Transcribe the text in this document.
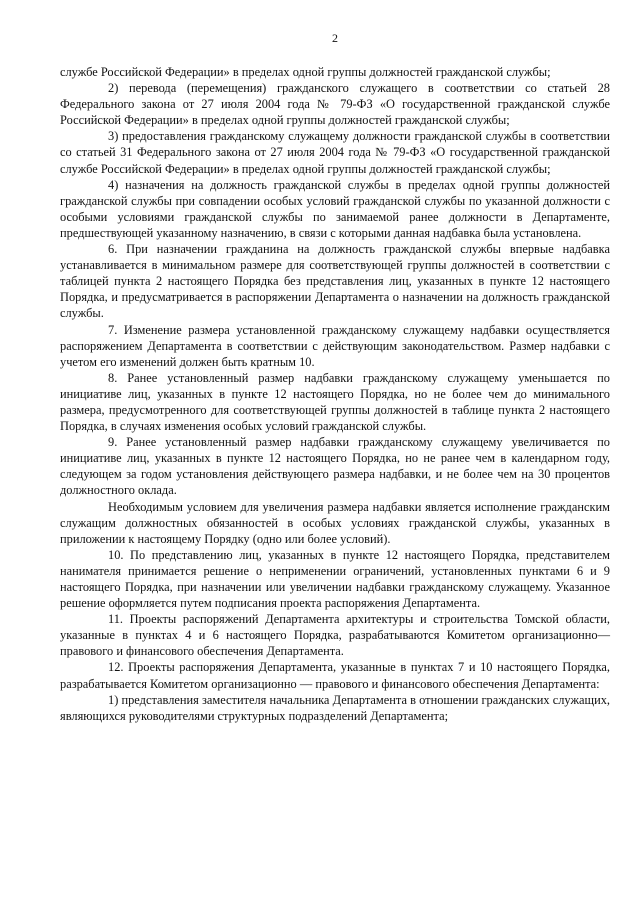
2

службе Российской Федерации» в пределах одной группы должностей гражданской службы;

2) перевода (перемещения) гражданского служащего в соответствии со статьей 28 Федерального закона от 27 июля 2004 года № 79-ФЗ «О государственной гражданской службе Российской Федерации» в пределах одной группы должностей гражданской службы;

3) предоставления гражданскому служащему должности гражданской службы в соответствии со статьей 31 Федерального закона от 27 июля 2004 года № 79-ФЗ «О государственной гражданской службе Российской Федерации» в пределах одной группы должностей гражданской службы;

4) назначения на должность гражданской службы в пределах одной группы должностей гражданской службы при совпадении особых условий гражданской службы по указанной должности с особыми условиями гражданской службы по занимаемой ранее должности в Департаменте, предшествующей указанному назначению, в связи с которыми данная надбавка была установлена.

6. При назначении гражданина на должность гражданской службы впервые надбавка устанавливается в минимальном размере для соответствующей группы должностей в соответствии с таблицей пункта 2 настоящего Порядка без представления лиц, указанных в пункте 12 настоящего Порядка, и предусматривается в распоряжении Департамента о назначении на должность гражданской службы.

7. Изменение размера установленной гражданскому служащему надбавки осуществляется распоряжением Департамента в соответствии с действующим законодательством. Размер надбавки с учетом его изменений должен быть кратным 10.

8. Ранее установленный размер надбавки гражданскому служащему уменьшается по инициативе лиц, указанных в пункте 12 настоящего Порядка, но не более чем до минимального размера, предусмотренного для соответствующей группы должностей в таблице пункта 2 настоящего Порядка, в случаях изменения особых условий гражданской службы.

9. Ранее установленный размер надбавки гражданскому служащему увеличивается по инициативе лиц, указанных в пункте 12 настоящего Порядка, но не ранее чем в календарном году, следующем за годом установления действующего размера надбавки, и не более чем на 30 процентов должностного оклада.

Необходимым условием для увеличения размера надбавки является исполнение гражданским служащим должностных обязанностей в особых условиях гражданской службы, указанных в приложении к настоящему Порядку (одно или более условий).

10. По представлению лиц, указанных в пункте 12 настоящего Порядка, представителем нанимателя принимается решение о неприменении ограничений, установленных пунктами 6 и 9 настоящего Порядка, при назначении или увеличении надбавки гражданскому служащему. Указанное решение оформляется путем подписания проекта распоряжения Департамента.

11. Проекты распоряжений Департамента архитектуры и строительства Томской области, указанные в пунктах 4 и 6 настоящего Порядка, разрабатываются Комитетом организационно—правового и финансового обеспечения Департамента.

12. Проекты распоряжения Департамента, указанные в пунктах 7 и 10 настоящего Порядка, разрабатывается Комитетом организационно — правового и финансового обеспечения Департамента:

1) представления заместителя начальника Департамента в отношении гражданских служащих, являющихся руководителями структурных подразделений Департамента;
